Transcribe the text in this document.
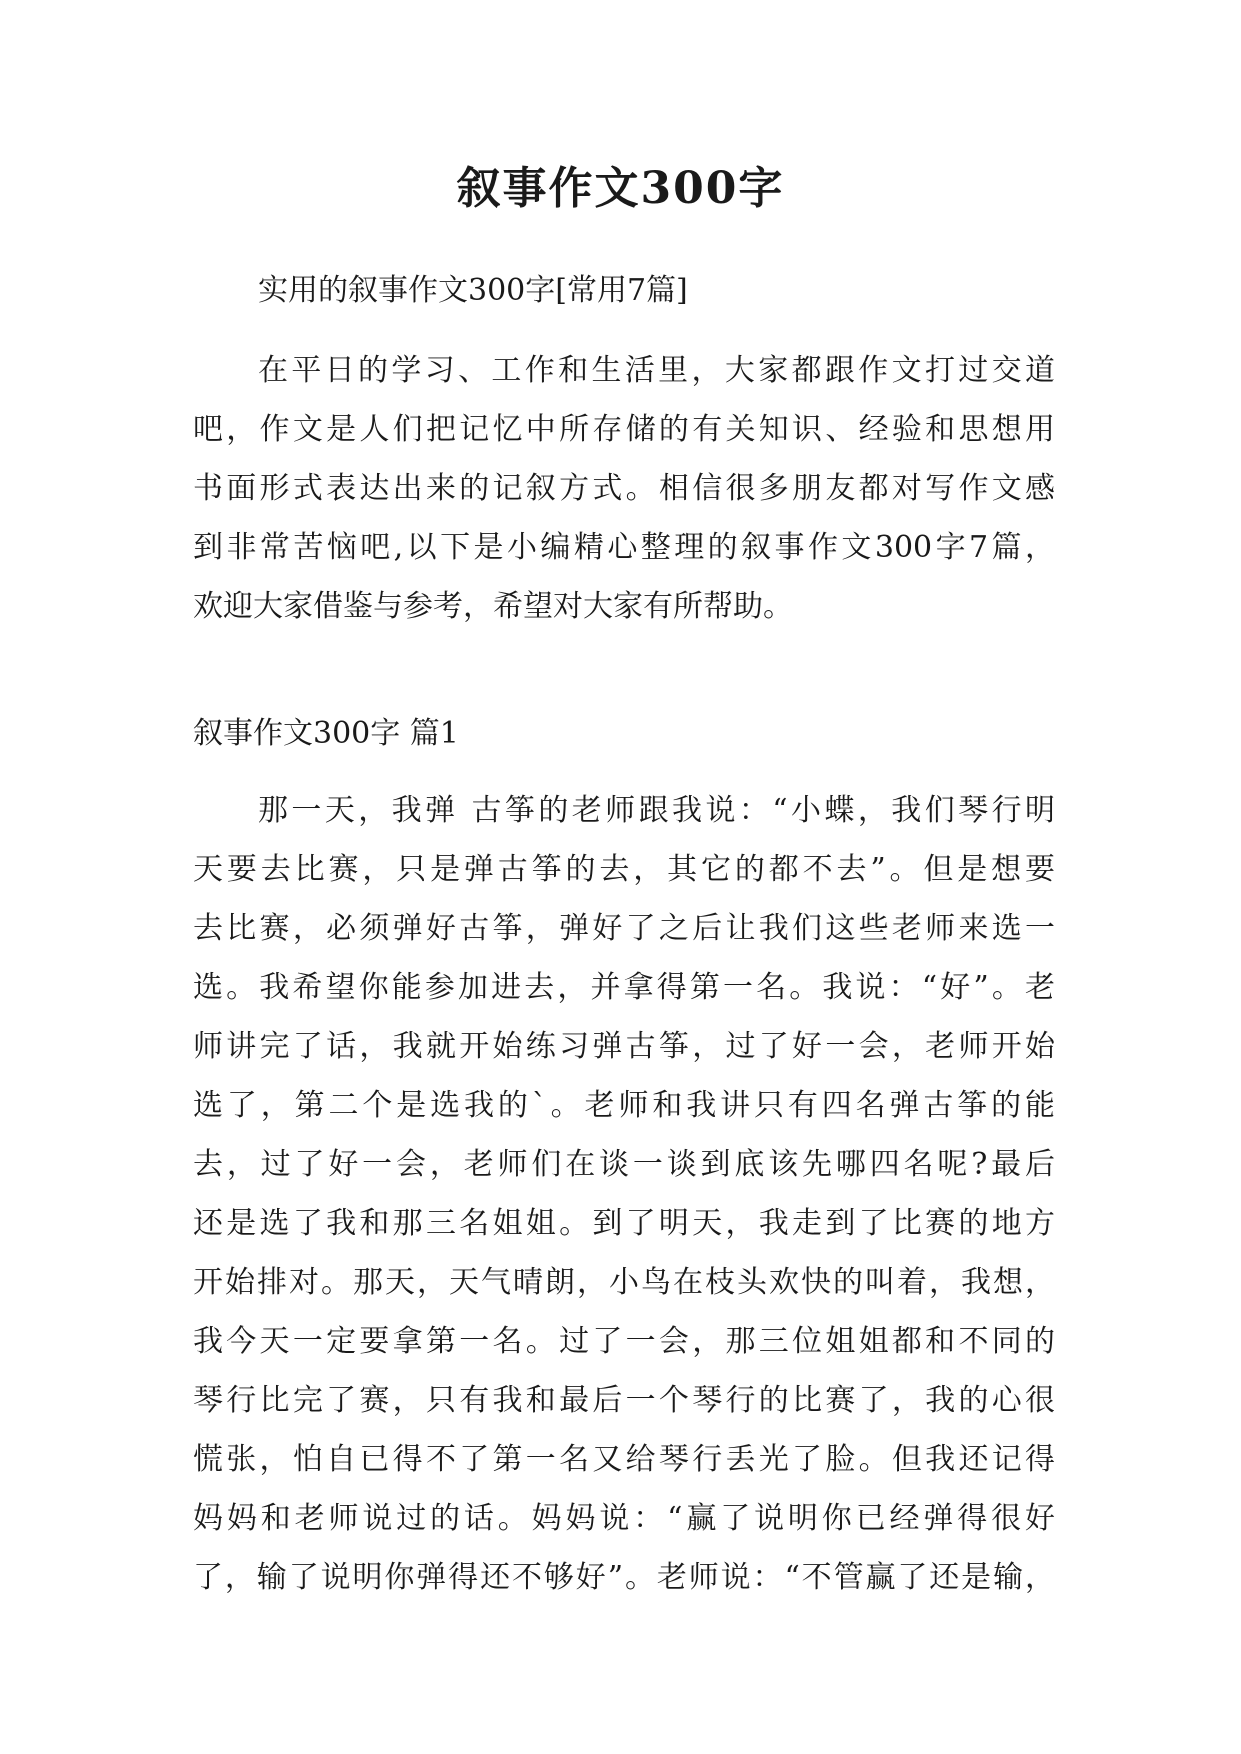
叙事作文300字
实用的叙事作文300字[常用7篇]
在平日的学习、工作和生活里，大家都跟作文打过交道
吧，作文是人们把记忆中所存储的有关知识、经验和思想用
书面形式表达出来的记叙方式。相信很多朋友都对写作文感
到非常苦恼吧,以下是小编精心整理的叙事作文300字7篇，
欢迎大家借鉴与参考，希望对大家有所帮助。
叙事作文300字 篇1
那一天，我弹 古筝的老师跟我说：“小蝶，我们琴行明
天要去比赛，只是弹古筝的去，其它的都不去”。但是想要
去比赛，必须弹好古筝，弹好了之后让我们这些老师来选一
选。我希望你能参加进去，并拿得第一名。我说：“好”。老
师讲完了话，我就开始练习弹古筝，过了好一会，老师开始
选了，第二个是选我的`。老师和我讲只有四名弹古筝的能
去，过了好一会，老师们在谈一谈到底该先哪四名呢?最后
还是选了我和那三名姐姐。到了明天，我走到了比赛的地方
开始排对。那天，天气晴朗，小鸟在枝头欢快的叫着，我想，
我今天一定要拿第一名。过了一会，那三位姐姐都和不同的
琴行比完了赛，只有我和最后一个琴行的比赛了，我的心很
慌张，怕自已得不了第一名又给琴行丢光了脸。但我还记得
妈妈和老师说过的话。妈妈说：“赢了说明你已经弹得很好
了，输了说明你弹得还不够好”。老师说：“不管赢了还是输，
